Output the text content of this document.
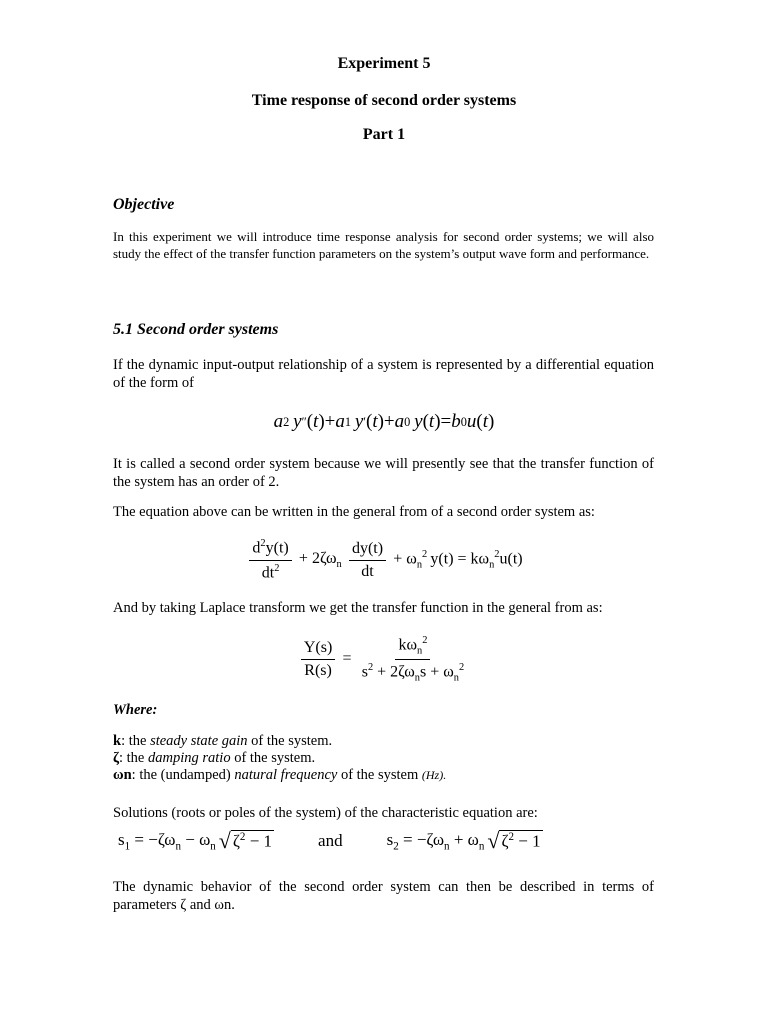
Experiment 5
Time response of second order systems
Part 1
Objective
In this experiment we will introduce time response analysis for second order systems; we will also study the effect of the transfer function parameters on the system’s output wave form and performance.
5.1 Second order systems
If the dynamic input-output relationship of a system is represented by a differential equation of the form of
a 2  y ″ ( t )+ a 1  y ′ ( t )+ a 0  y ( t )= b 0 u ( t )
It is called a second order system because we will presently see that the transfer function of the system has an order of 2.
The equation above can be written in the general from of a second order system as:
$\frac{d^2y(t)}{dt^2} + 2\zeta\omega_n \frac{dy(t)}{dt} + \omega_n^2$ $y(t) = k\omega_n^2u(t)$
And by taking Laplace transform we get the transfer function in the general from as:
$\frac{Y(s)}{R(s)} = \frac{k\omega_n^2}{s^2 + 2\zeta\omega_ns + \omega_n^2}$
Where:
k: the steady state gain of the system.
ζ: the damping ratio of the system.
ωn: the (undamped) natural frequency of the system (Hz).
Solutions (roots or poles of the system) of the characteristic equation are:
$s_1 = -\zeta\omega_n - \omega_n$ √ $\zeta^2 - 1$	and	$s_2 = -\zeta\omega_n + \omega_n$ √ $\zeta^2 - 1$
The dynamic behavior of the second order system can then be described in terms of parameters ζ and ωn.
